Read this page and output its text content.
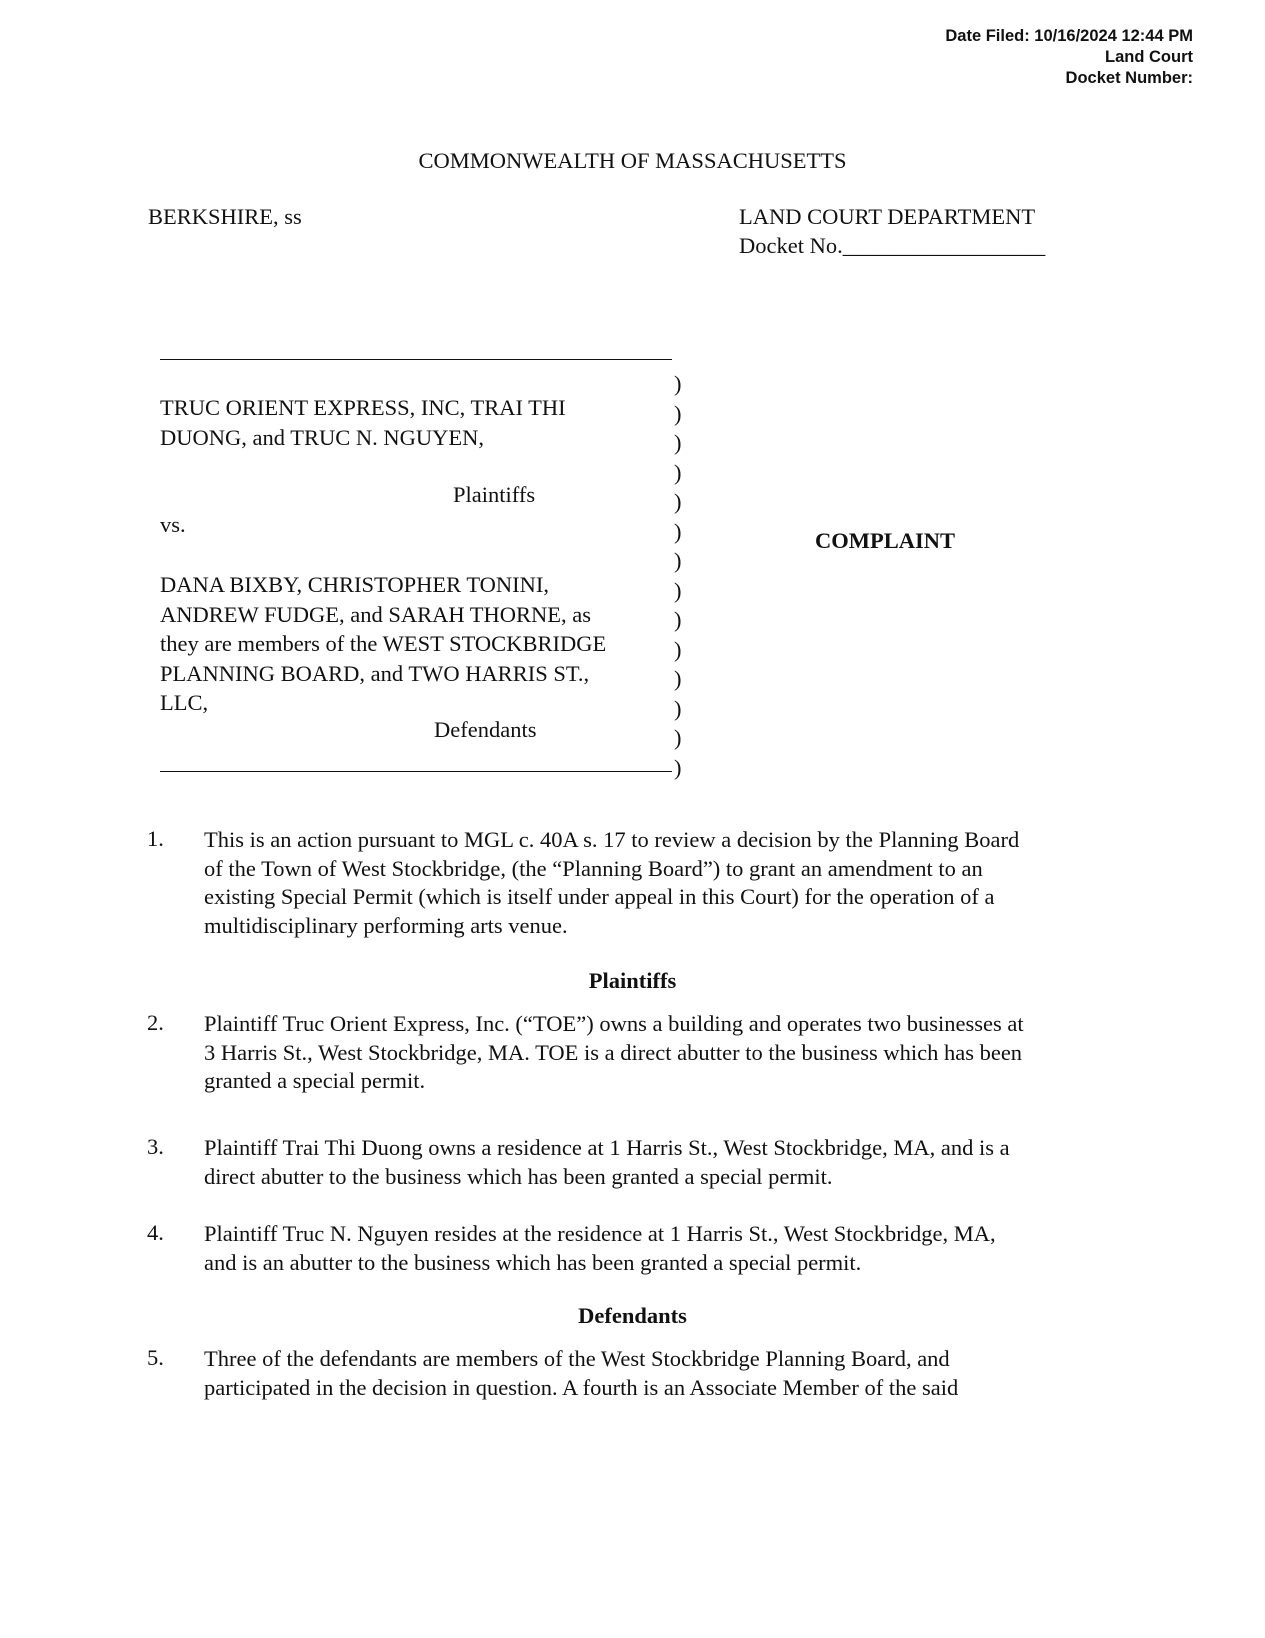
Date Filed: 10/16/2024 12:44 PM
Land Court
Docket Number:
COMMONWEALTH OF MASSACHUSETTS
BERKSHIRE, ss	LAND COURT DEPARTMENT
Docket No.__________________
)
)
)
)
)
)
)
)
)
)
)
)
)
)
TRUC ORIENT EXPRESS, INC, TRAI THI
DUONG, and TRUC N. NGUYEN,
Plaintiffs
vs.
DANA BIXBY, CHRISTOPHER TONINI,
ANDREW FUDGE, and SARAH THORNE, as
they are members of the WEST STOCKBRIDGE
PLANNING BOARD, and TWO HARRIS ST.,
LLC,
Defendants
COMPLAINT
1.	This is an action pursuant to MGL c. 40A s. 17 to review a decision by the Planning Board
of the Town of West Stockbridge, (the “Planning Board”) to grant an amendment to an
existing Special Permit (which is itself under appeal in this Court) for the operation of a
multidisciplinary performing arts venue.
Plaintiffs
2.	Plaintiff Truc Orient Express, Inc. (“TOE”) owns a building and operates two businesses at
3 Harris St., West Stockbridge, MA. TOE is a direct abutter to the business which has been
granted a special permit.
3.	Plaintiff Trai Thi Duong owns a residence at 1 Harris St., West Stockbridge, MA, and is a
direct abutter to the business which has been granted a special permit.
4.	Plaintiff Truc N. Nguyen resides at the residence at 1 Harris St., West Stockbridge, MA,
and is an abutter to the business which has been granted a special permit.
Defendants
5.	Three of the defendants are members of the West Stockbridge Planning Board, and
participated in the decision in question. A fourth is an Associate Member of the said
